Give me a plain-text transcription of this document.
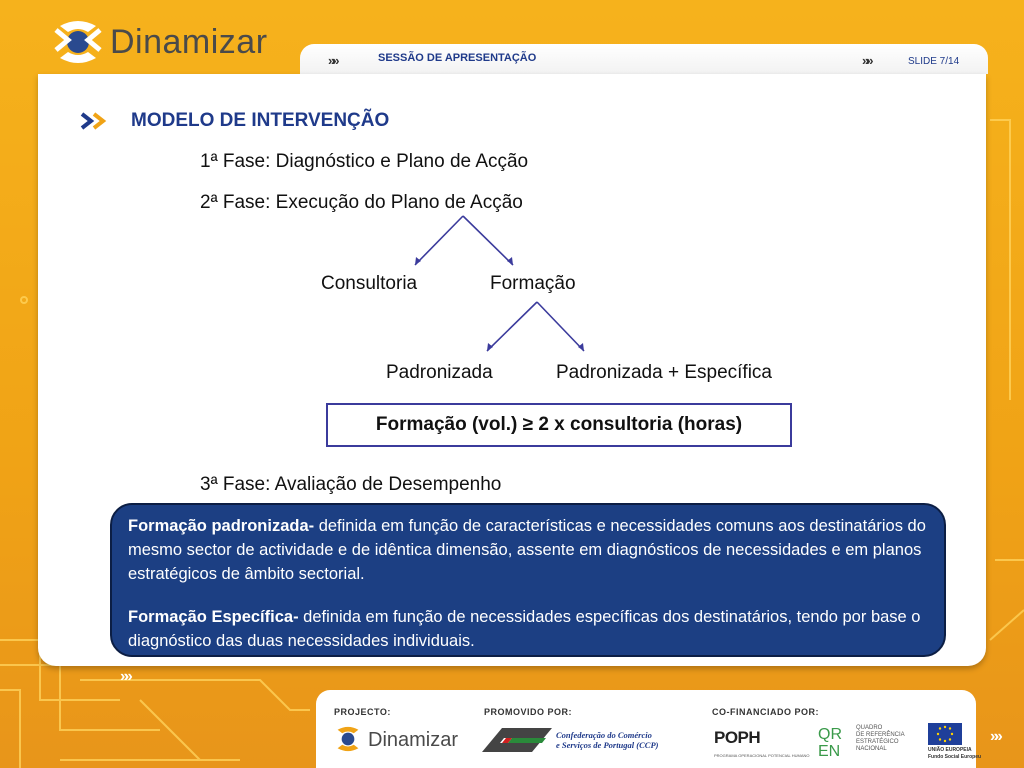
Dinamizar	»»	SESSÃO DE APRESENTAÇÃO	»»	SLIDE 7/14
MODELO DE INTERVENÇÃO
1ª Fase: Diagnóstico e Plano de Acção
2ª Fase: Execução do Plano de Acção
Consultoria	Formação
Padronizada	Padronizada + Específica
Formação (vol.) ≥ 2 x consultoria (horas)
3ª Fase: Avaliação de Desempenho

Formação padronizada- definida em função de características e necessidades comuns aos destinatários do mesmo sector de actividade e de idêntica dimensão, assente em diagnósticos de necessidades e em planos estratégicos de âmbito sectorial.

Formação Específica- definida em função de necessidades específicas dos destinatários, tendo por base o diagnóstico das duas necessidades individuais.

»»
»»
PROJECTO:	PROMOVIDO POR:	CO-FINANCIADO POR:
Dinamizar	Confederação do Comércio
e Serviços de Portugal (CCP)	POPH
PROGRAMA OPERACIONAL POTENCIAL HUMANO
QR
EN
QUADRO
DE REFERÊNCIA
ESTRATÉGICO
NACIONAL	UNIÃO EUROPEIA
Fundo Social Europeu
